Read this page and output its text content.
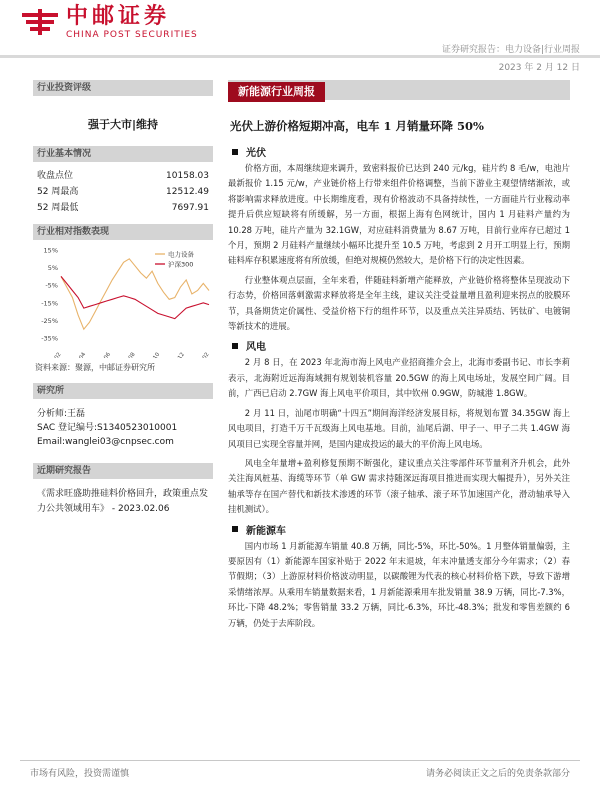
中邮证券
CHINA POST SECURITIES
证券研究报告：电力设备|行业周报
2023 年 2 月 12 日
行业投资评级
强于大市|维持
行业基本情况
收盘点位	10158.03
52 周最高	12512.49
52 周最低	7697.91
行业相对指数表现
15%
5%
-5%
-15%
-25%
-35%
电力设备
沪深300
资料来源：聚源，中邮证券研究所
研究所
分析师:王磊
SAC 登记编号:S1340523010001
Email:wanglei03@cnpsec.com
近期研究报告
《需求旺盛助推硅料价格回升，政策重点发力公共领域用车》 - 2023.02.06
新能源行业周报
光伏上游价格短期冲高，电车 1 月销量环降 50%
光伏

价格方面，本周继续迎来调升，致密料报价已达到 240 元/kg，硅片约 8 毛/w，电池片最新报价 1.15 元/w，产业链价格上行带来组件价格调整，当前下游业主观望情绪渐浓，或将影响需求释放进度。中长期维度看，现有价格波动不具备持续性，一方面硅片行业稼动率提升后供应短缺将有所缓解，另一方面，根据上海有色网统计，国内 1 月硅料产量约为 10.28 万吨，硅片产量为 32.1GW，对应硅料消费量为 8.67 万吨，目前行业库存已超过 1 个月，预期 2 月硅料产量继续小幅环比提升至 10.5 万吨，考虑到 2 月开工明显上行，预期硅料库存积累速度将有所放缓，但绝对规模仍然较大，是价格下行的决定性因素。

行业整体观点层面，全年来看，伴随硅料新增产能释放，产业链价格将整体呈现波动下行态势，价格回落刺激需求释放将是全年主线，建议关注受益量增且盈利迎来拐点的胶膜环节，具备期货定价属性、受益价格下行的组件环节，以及重点关注异质结、钙钛矿、电镀铜等新技术的进展。

风电

2 月 8 日，在 2023 年北海市海上风电产业招商推介会上，北海市委副书记、市长李莉表示，北海附近远海海域拥有规划装机容量 20.5GW 的海上风电场址，发展空间广阔。目前，广西已启动 2.7GW 海上风电平价项目，其中钦州 0.9GW，防城港 1.8GW。

2 月 11 日，汕尾市明确“十四五”期间海洋经济发展目标，将规划布置 34.35GW 海上风电项目，打造千万千瓦级海上风电基地。目前，汕尾后湖、甲子一、甲子二共 1.4GW 海风项目已实现全容量并网，是国内建成投运的最大的平价海上风电场。

风电全年量增+盈利修复预期不断强化，建议重点关注零部件环节量利齐升机会，此外关注海风桩基、海缆等环节（单 GW 需求持随深远海项目推进而实现大幅提升），另外关注轴承等存在国产替代和新技术渗透的环节（滚子轴承、滚子环节加速国产化，滑动轴承导入挂机测试）。

新能源车

国内市场 1 月新能源车销量 40.8 万辆，同比-5%，环比-50%。1 月整体销量偏弱，主要原因有（1）新能源车国家补贴于 2022 年末退坡，年末冲量透支部分今年需求；（2）春节假期；（3）上游原材料价格波动明显，以碳酸锂为代表的核心材料价格下跌，导致下游增采情绪浓厚。从乘用车销量数据来看，1 月新能源乘用车批发销量 38.9 万辆，同比-7.3%，环比-下降 48.2%；零售销量 33.2 万辆，同比-6.3%，环比-48.3%；批发和零售差额约 6 万辆，仍处于去库阶段。

市场有风险，投资需谨慎	请务必阅读正文之后的免责条款部分
